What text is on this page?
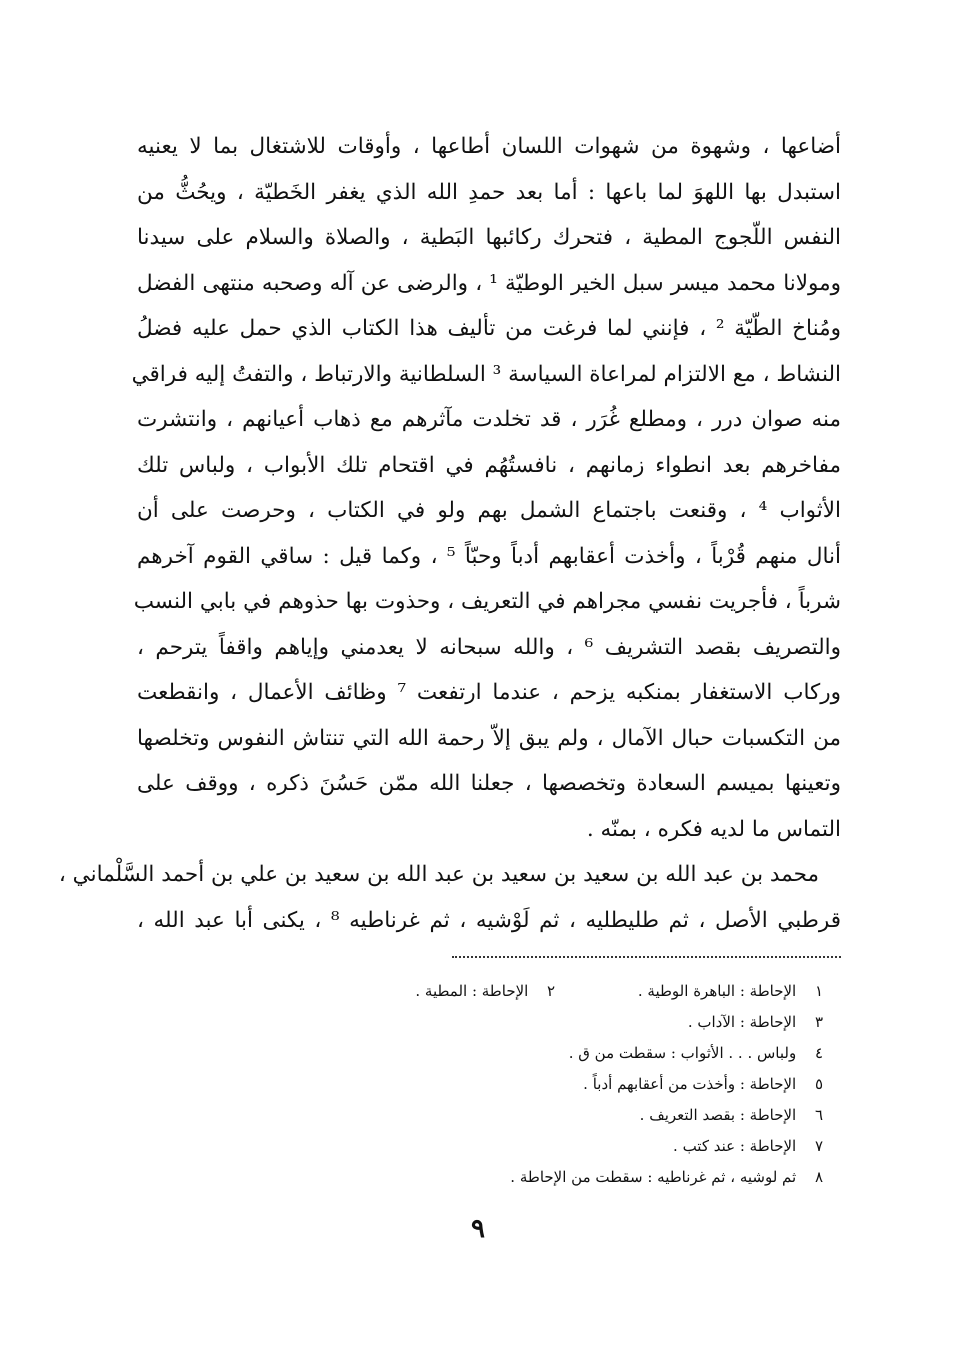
أضاعها ، وشهوة من شهوات اللسان أطاعها ، وأوقات للاشتغال بما لا يعنيه
استبدل بها اللهوَ لما باعها : أما بعد حمدِ الله الذي يغفر الخَطيّة ، ويحُثُّ من
النفس اللّجوج المطية ، فتحرك ركائبها البَطية ، والصلاة والسلام على سيدنا
ومولانا محمد ميسر سبل الخير الوطيّة ¹ ، والرضى عن آله وصحبه منتهى الفضل
ومُناخ الطّيّة ² ، فإنني لما فرغت من تأليف هذا الكتاب الذي حمل عليه فضلُ
النشاط ، مع الالتزام لمراعاة السياسة ³ السلطانية والارتباط ، والتفتُ إليه فراقي
منه صوان درر ، ومطلع غُرَر ، قد تخلدت مآثرهم مع ذهاب أعيانهم ، وانتشرت
مفاخرهم بعد انطواء زمانهم ، نافستُهُم في اقتحام تلك الأبواب ، ولباس تلك
الأثواب ⁴ ، وقنعت باجتماع الشمل بهم ولو في الكتاب ، وحرصت على أن
أنال منهم قُرْباً ، وأخذت أعقابهم أدباً وحبّاً ⁵ ، وكما قيل : ساقي القوم آخرهم
شرباً ، فأجريت نفسي مجراهم في التعريف ، وحذوت بها حذوهم في بابي النسب
والتصريف بقصد التشريف ⁶ ، والله سبحانه لا يعدمني وإياهم واقفاً يترحم ،
وركاب الاستغفار بمنكبه يزحم ، عندما ارتفعت ⁷ وظائف الأعمال ، وانقطعت
من التكسبات حبال الآمال ، ولم يبق إلاّ رحمة الله التي تنتاش النفوس وتخلصها
وتعينها بميسم السعادة وتخصصها ، جعلنا الله ممّن حَسُنَ ذكره ، ووقف على
التماس ما لديه فكره ، بمنّه .
محمد بن عبد الله بن سعيد بن سعيد بن عبد الله بن سعيد بن علي بن أحمد السَّلْماني ،
قرطبي الأصل ، ثم طليطليه ، ثم لَوْشيه ، ثم غرناطيه ⁸ ، يكنى أبا عبد الله ،
١ الإحاطة : الباهرة الوطية . ٢ الإحاطة : المطية .
٣ الإحاطة : الآداب .
٤ ولباس . . . الأثواب : سقطت من ق .
٥ الإحاطة : وأخذت من أعقابهم أدباً .
٦ الإحاطة : بقصد التعريف .
٧ الإحاطة : عند كتب .
٨ ثم لوشيه ، ثم غرناطيه : سقطت من الإحاطة .
٩
